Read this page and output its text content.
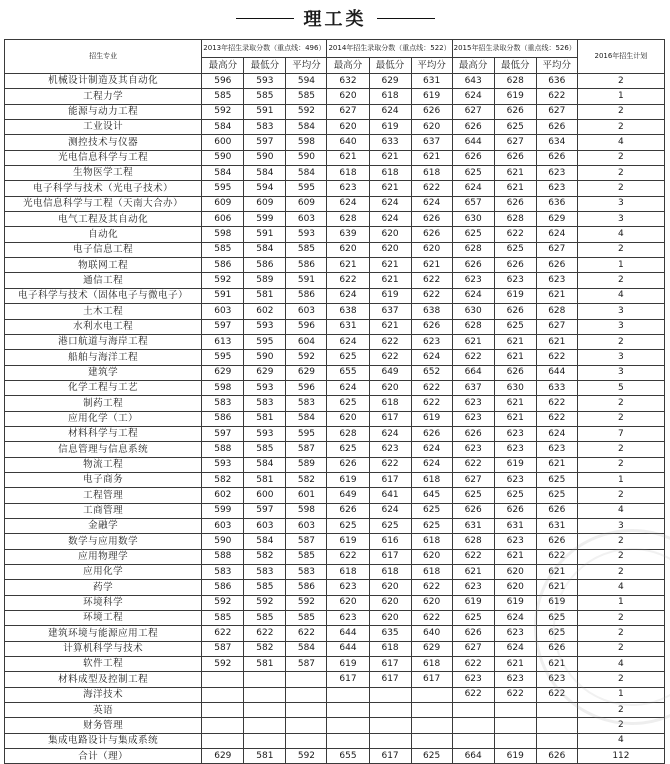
理工类
招生专业	2013年招生录取分数（重点线：496）			2014年招生录取分数（重点线：522）			2015年招生录取分数（重点线：526）			2016年招生计划
	最高分	最低分	平均分	最高分	最低分	平均分	最高分	最低分	平均分	
机械设计制造及其自动化	596	593	594	632	629	631	643	628	636	2
工程力学	585	585	585	620	618	619	624	619	622	1
能源与动力工程	592	591	592	627	624	626	627	626	627	2
工业设计	584	583	584	620	619	620	626	625	626	2
测控技术与仪器	600	597	598	640	633	637	644	627	634	4
光电信息科学与工程	590	590	590	621	621	621	626	626	626	2
生物医学工程	584	584	584	618	618	618	625	621	623	2
电子科学与技术（光电子技术）	595	594	595	623	621	622	624	621	623	2
光电信息科学与工程（天南大合办）	609	609	609	624	624	624	657	626	636	3
电气工程及其自动化	606	599	603	628	624	626	630	628	629	3
自动化	598	591	593	639	620	626	625	622	624	4
电子信息工程	585	584	585	620	620	620	628	625	627	2
物联网工程	586	586	586	621	621	621	626	626	626	1
通信工程	592	589	591	622	621	622	623	623	623	2
电子科学与技术（固体电子与微电子）	591	581	586	624	619	622	624	619	621	4
土木工程	603	602	603	638	637	638	630	626	628	3
水利水电工程	597	593	596	631	621	626	628	625	627	3
港口航道与海岸工程	613	595	604	624	622	623	621	621	621	2
船舶与海洋工程	595	590	592	625	622	624	622	621	622	3
建筑学	629	629	629	655	649	652	664	626	644	3
化学工程与工艺	598	593	596	624	620	622	637	630	633	5
制药工程	583	583	583	625	618	622	623	621	622	2
应用化学（工）	586	581	584	620	617	619	623	621	622	2
材料科学与工程	597	593	595	628	624	626	626	623	624	7
信息管理与信息系统	588	585	587	625	623	624	623	623	623	2
物流工程	593	584	589	626	622	624	622	619	621	2
电子商务	582	581	582	619	617	618	627	623	625	1
工程管理	602	600	601	649	641	645	625	625	625	2
工商管理	599	597	598	626	624	625	626	626	626	4
金融学	603	603	603	625	625	625	631	631	631	3
数学与应用数学	590	584	587	619	616	618	628	623	626	2
应用物理学	588	582	585	622	617	620	622	621	622	2
应用化学	583	583	583	618	618	618	621	620	621	2
药学	586	585	586	623	620	622	623	620	621	4
环境科学	592	592	592	620	620	620	619	619	619	1
环境工程	585	585	585	623	620	622	625	624	625	2
建筑环境与能源应用工程	622	622	622	644	635	640	626	623	625	2
计算机科学与技术	587	582	584	644	618	629	627	624	626	2
软件工程	592	581	587	619	617	618	622	621	621	4
材料成型及控制工程				617	617	617	623	623	623	2
海洋技术							622	622	622	1
英语										2
财务管理										2
集成电路设计与集成系统										4
合计（理）	629	581	592	655	617	625	664	619	626	112
